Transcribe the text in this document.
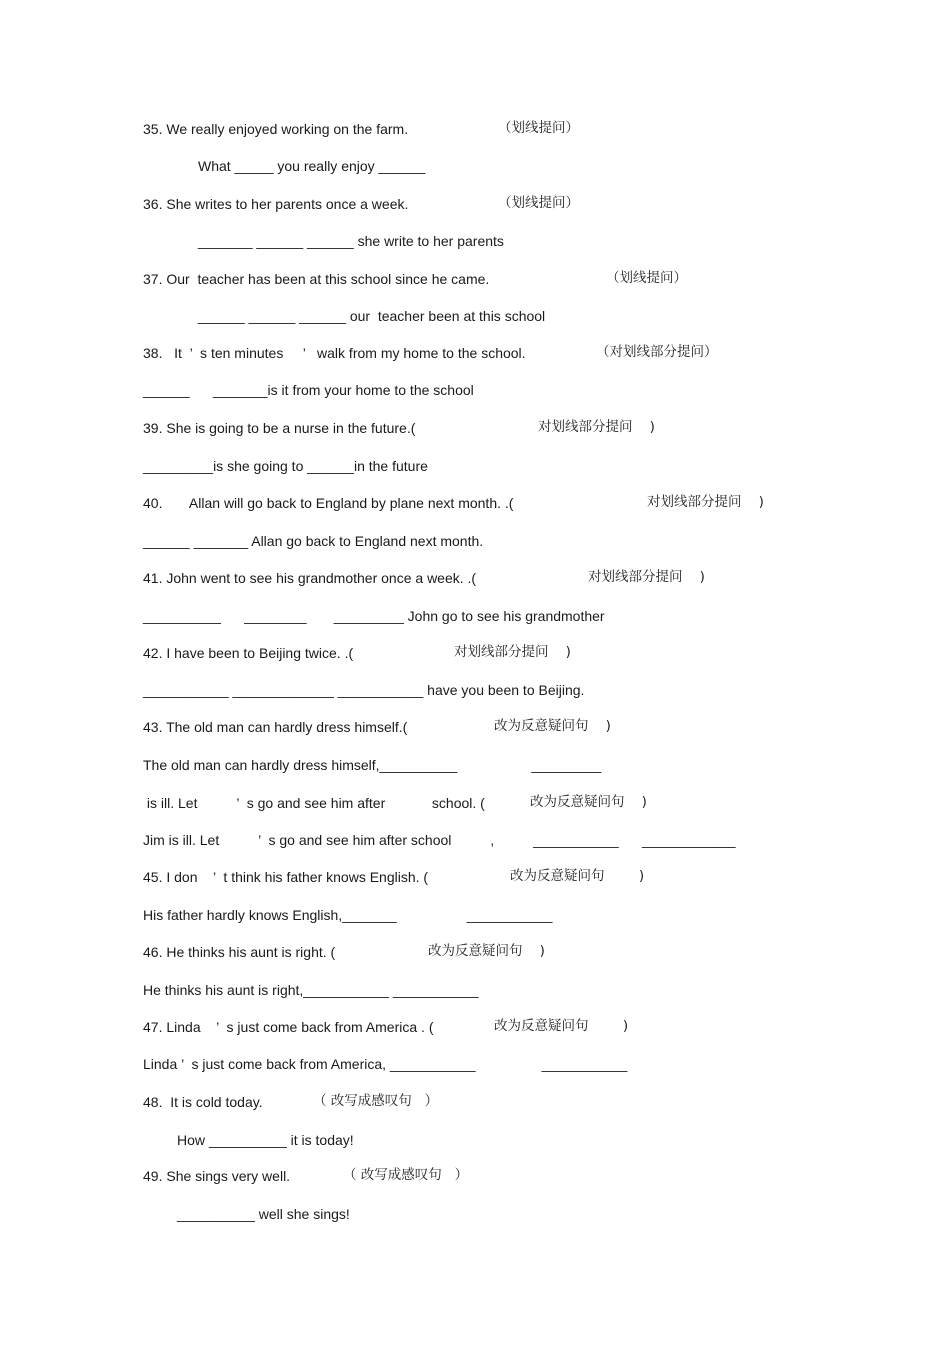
35. We really enjoyed working on the farm.	（划线提问）
What _____ you really enjoy ______
36. She writes to her parents once a week.	（划线提问）
_______ ______ ______ she write to her parents
37. Our  teacher has been at this school since he came.	（划线提问）
______ ______ ______ our  teacher been at this school
38.   It  ’  s ten minutes     ’   walk from my home to the school.	（对划线部分提问）
______      _______is it from your home to the school
39. She is going to be a nurse in the future.(	对划线部分提问    )
_________is she going to ______in the future
40.       Allan will go back to England by plane next month. .(	对划线部分提问    )
______ _______ Allan go back to England next month.
41. John went to see his grandmother once a week. .(	对划线部分提问    )
__________      ________       _________ John go to see his grandmother
42. I have been to Beijing twice. .(	对划线部分提问    )
___________ _____________ ___________ have you been to Beijing.
43. The old man can hardly dress himself.(	改为反意疑问句    )
The old man can hardly dress himself,__________                   _________
is ill. Let          ’  s go and see him after            school. (	改为反意疑问句    )
Jim is ill. Let          ’  s go and see him after school          ,          ___________      ____________
45. I don    ’  t think his father knows English. (	改为反意疑问句        )
His father hardly knows English,_______                  ___________
46. He thinks his aunt is right. (	改为反意疑问句    )
He thinks his aunt is right,___________ ___________
47. Linda    ’  s just come back from America . (	改为反意疑问句        )
Linda ’  s just come back from America, ___________                 ___________
48.  It is cold today.	（ 改写成感叹句   ）
How __________ it is today!
49. She sings very well.	（ 改写成感叹句   ）
__________ well she sings!
